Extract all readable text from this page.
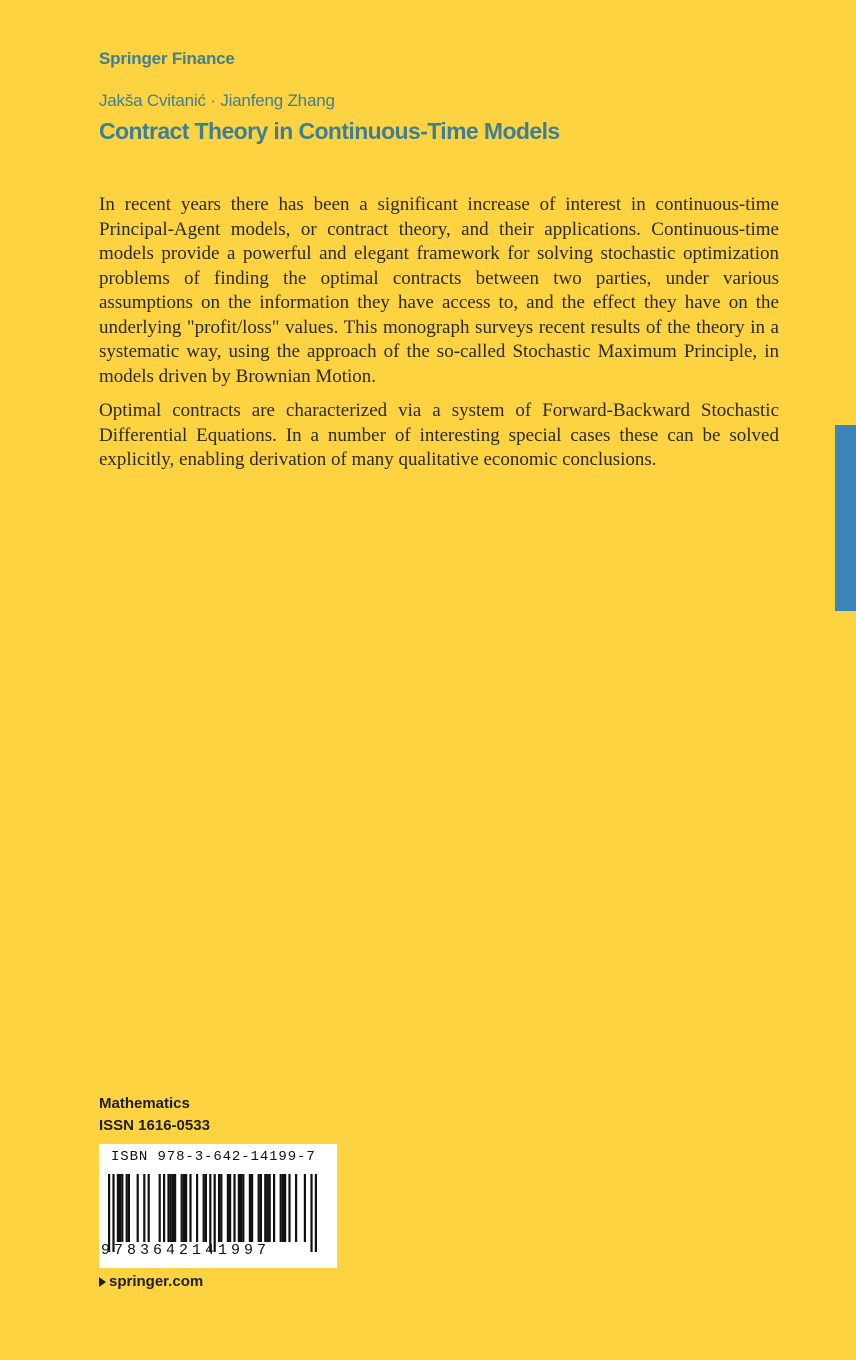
Springer Finance

Jakša Cvitanić · Jianfeng Zhang

Contract Theory in Continuous-Time Models

In recent years there has been a significant increase of interest in continuous-time Principal-Agent models, or contract theory, and their applications. Continuous-time models provide a powerful and elegant framework for solving stochastic optimization problems of finding the optimal contracts between two parties, under various assumptions on the information they have access to, and the effect they have on the underlying "profit/loss" values. This monograph surveys recent results of the theory in a systematic way, using the approach of the so-called Stochastic Maximum Principle, in models driven by Brownian Motion.

Optimal contracts are characterized via a system of Forward-Backward Stochastic Differential Equations. In a number of interesting special cases these can be solved explicitly, enabling derivation of many qualitative economic conclusions.

Mathematics

ISSN 1616-0533

ISBN 978-3-642-14199-7
9783642141997
springer.com
